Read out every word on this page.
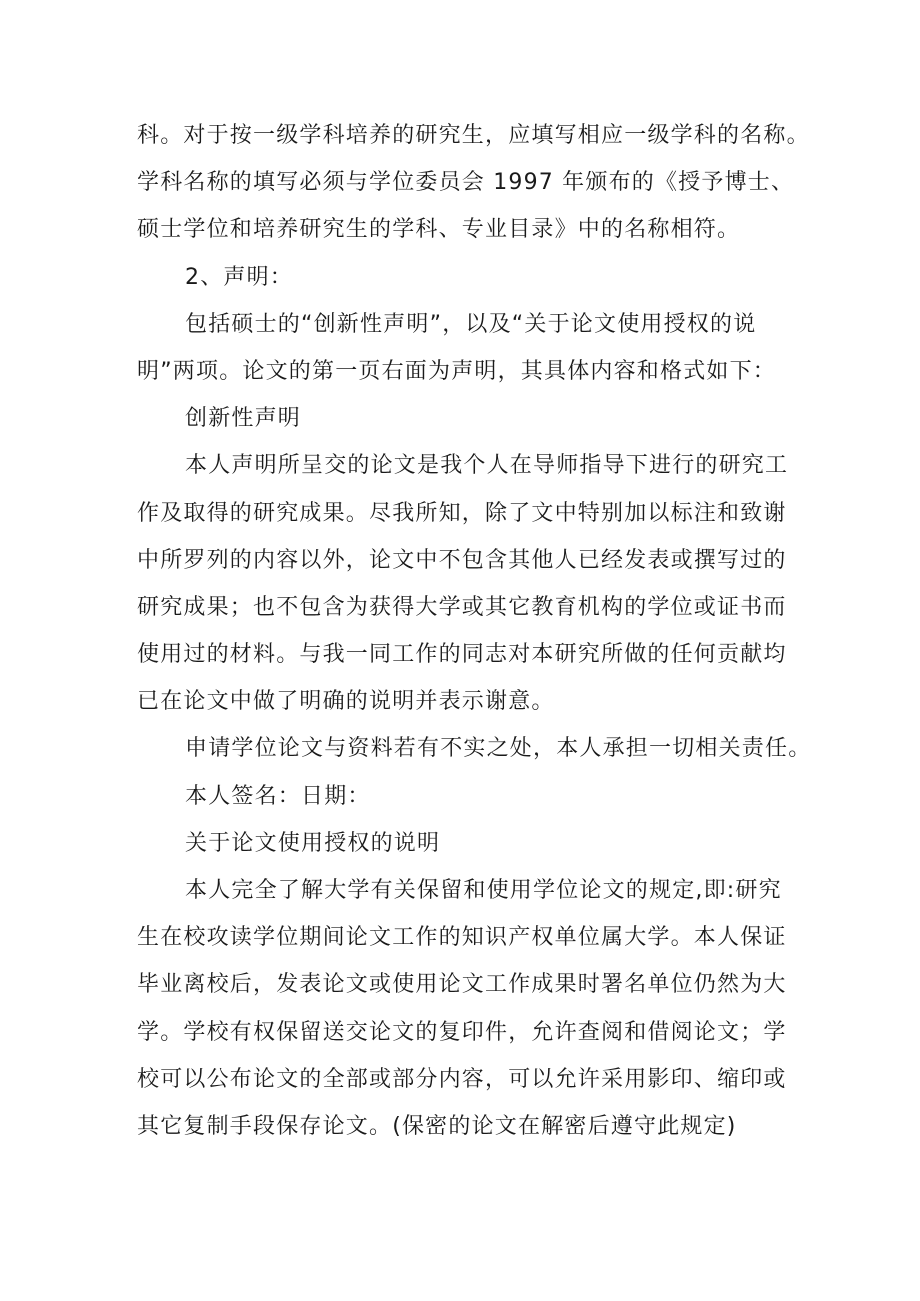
科。对于按一级学科培养的研究生，应填写相应一级学科的名称。
学科名称的填写必须与学位委员会 1997 年颁布的《授予博士、
硕士学位和培养研究生的学科、专业目录》中的名称相符。
2、声明：
包括硕士的“创新性声明”，以及“关于论文使用授权的说
明”两项。论文的第一页右面为声明，其具体内容和格式如下：
创新性声明
本人声明所呈交的论文是我个人在导师指导下进行的研究工
作及取得的研究成果。尽我所知，除了文中特别加以标注和致谢
中所罗列的内容以外，论文中不包含其他人已经发表或撰写过的
研究成果；也不包含为获得大学或其它教育机构的学位或证书而
使用过的材料。与我一同工作的同志对本研究所做的任何贡献均
已在论文中做了明确的说明并表示谢意。
申请学位论文与资料若有不实之处，本人承担一切相关责任。
本人签名：日期：
关于论文使用授权的说明
本人完全了解大学有关保留和使用学位论文的规定,即:研究
生在校攻读学位期间论文工作的知识产权单位属大学。本人保证
毕业离校后，发表论文或使用论文工作成果时署名单位仍然为大
学。学校有权保留送交论文的复印件，允许查阅和借阅论文；学
校可以公布论文的全部或部分内容，可以允许采用影印、缩印或
其它复制手段保存论文。(保密的论文在解密后遵守此规定)
